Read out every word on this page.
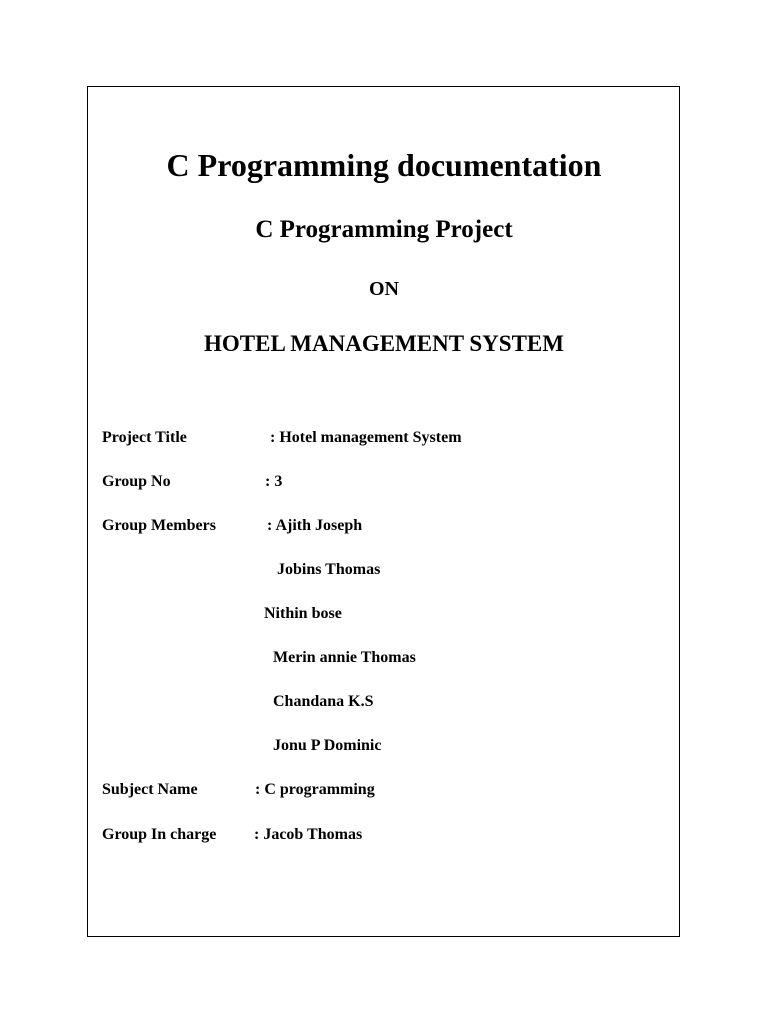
C Programming documentation
C Programming Project
ON
HOTEL MANAGEMENT SYSTEM
Project Title	: Hotel management System
Group No	: 3
Group Members	: Ajith Joseph
Jobins Thomas
Nithin bose
Merin annie Thomas
Chandana K.S
Jonu P Dominic
Subject Name	: C programming
Group In charge : Jacob Thomas
